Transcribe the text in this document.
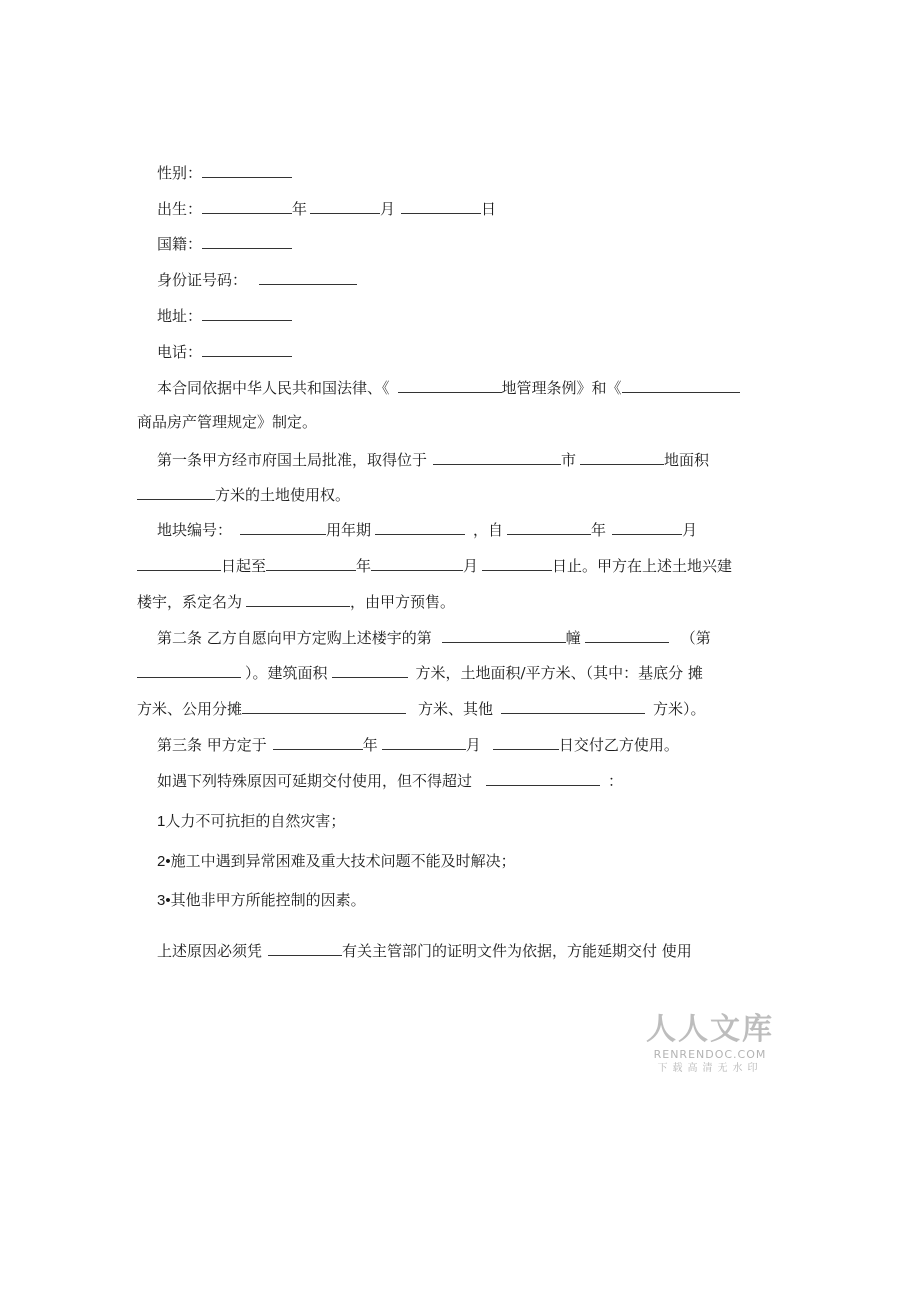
性别：
出生：	年	月	日
国籍：
身份证号码：
地址：
电话：
本合同依据中华人民共和国法律、《	地管理条例》和《
商品房产管理规定》制定。
第一条甲方经市府国土局批准，取得位于	市	地面积
方米的土地使用权。
地块编号：	用年期	，自	年	月
日起至	年	月	日止。甲方在上述土地兴建
楼宇，系定名为	，由甲方预售。
第二条 乙方自愿向甲方定购上述楼宇的第	幢	（第
）。建筑面积	方米，土地面积/平方米、（其中：基底分 摊
方米、公用分摊	方米、其他	方米）。
第三条 甲方定于	年	月	日交付乙方使用。
如遇下列特殊原因可延期交付使用，但不得超过	：
1人力不可抗拒的自然灾害；
2•施工中遇到异常困难及重大技术问题不能及时解决；
3•其他非甲方所能控制的因素。
上述原因必须凭	有关主管部门的证明文件为依据，方能延期交付 使用
人人文库
RENRENDOC.COM
下载高清无水印
